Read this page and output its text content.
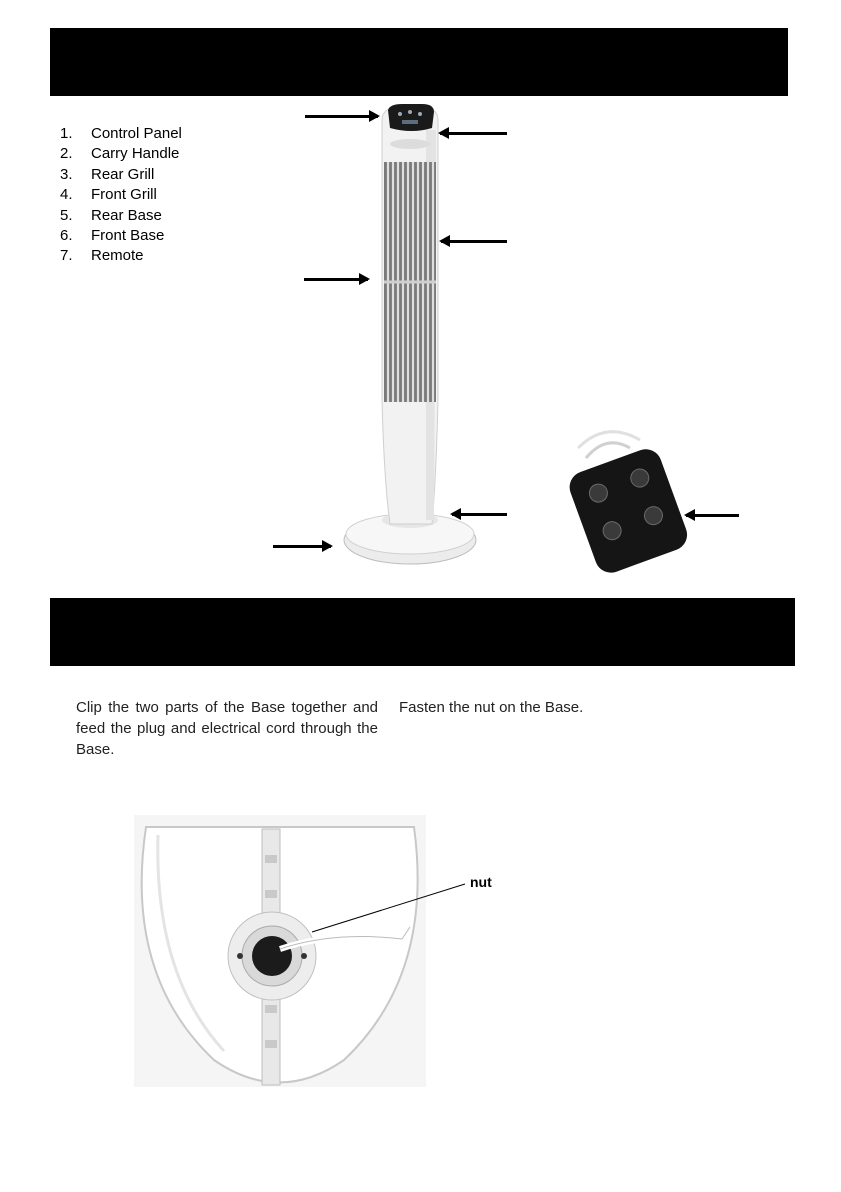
1.	Control Panel
2.	Carry Handle
3.	Rear Grill
4.	Front Grill
5.	Rear Base
6.	Front Base
7.	Remote
Clip the two parts of the Base together and feed the plug and electrical cord through the Base.
Fasten the nut on the Base.
nut
